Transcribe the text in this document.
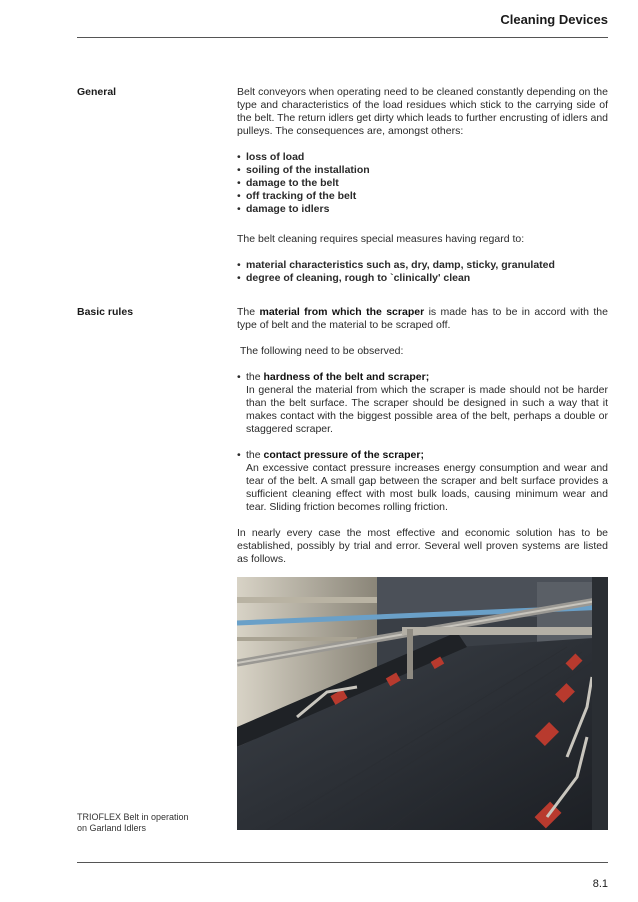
Cleaning Devices
General	Belt conveyors when operating need to be cleaned constantly depending on the type and characteristics of the load residues which stick to the carrying side of the belt. The return idlers get dirty which leads to further encrusting of idlers and pulleys. The consequences are, amongst others:

• loss of load
• soiling of the installation
• damage to the belt
• off tracking of the belt
• damage to idlers

The belt cleaning requires special measures having regard to:

• material characteristics such as, dry, damp, sticky, granulated
• degree of cleaning, rough to `clinically' clean
Basic rules	The material from which the scraper is made has to be in accord with the type of belt and the material to be scraped off.

The following need to be observed:

• the hardness of the belt and scraper;

In general the material from which the scraper is made should not be harder than the belt surface. The scraper should be designed in such a way that it makes contact with the biggest possible area of the belt, perhaps a double or staggered scraper.

• the contact pressure of the scraper;

An excessive contact pressure increases energy consumption and wear and tear of the belt. A small gap between the scraper and belt surface provides a sufficient cleaning effect with most bulk loads, causing minimum wear and tear. Sliding friction becomes rolling friction.

In nearly every case the most effective and economic solution has to be established, possibly by trial and error. Several well proven systems are listed as follows.

TRIOFLEX Belt in operation
on Garland Idlers
8.1
